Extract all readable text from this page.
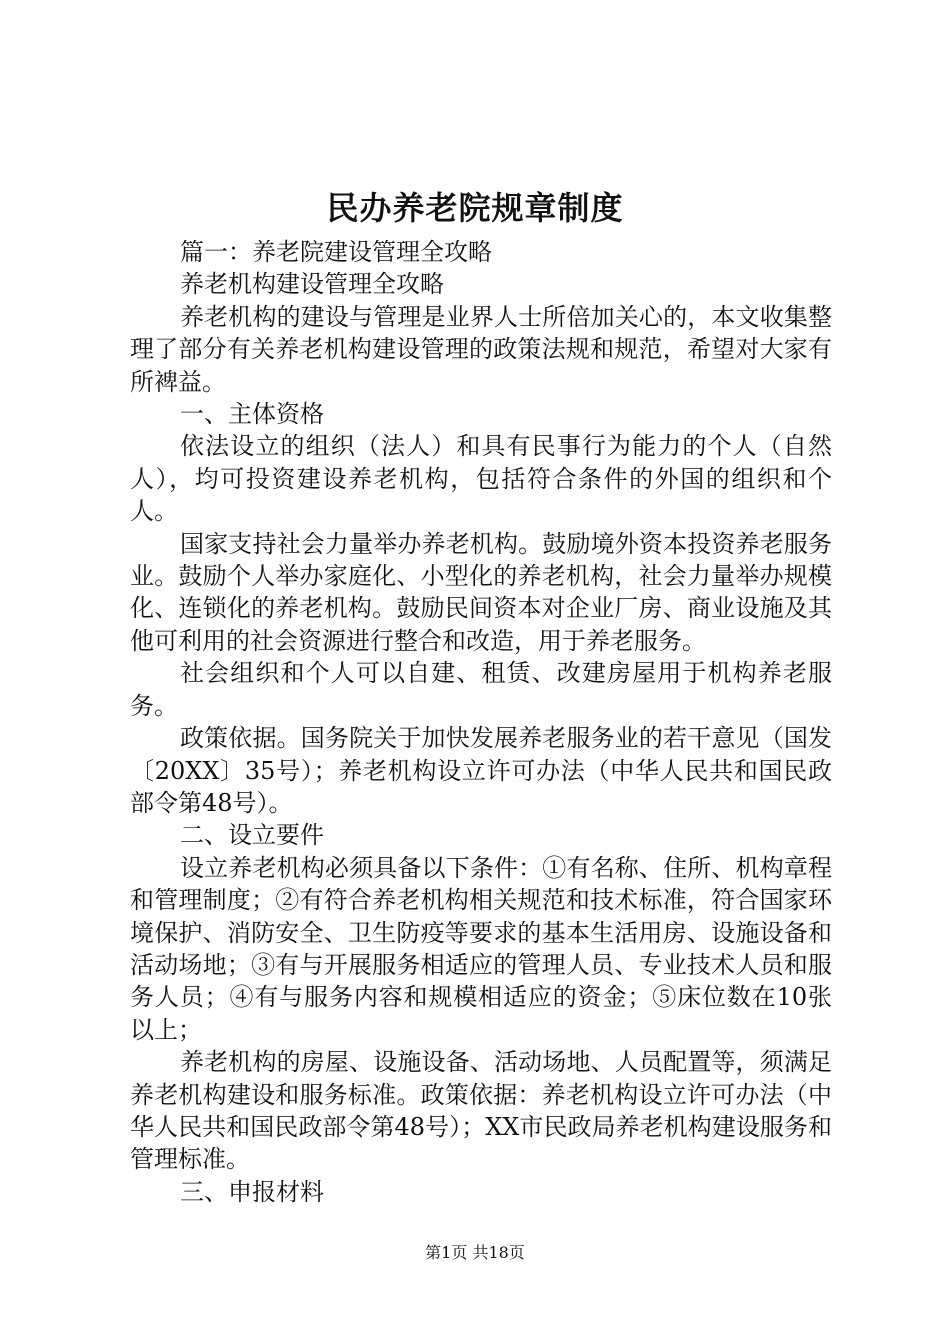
民办养老院规章制度

篇一：养老院建设管理全攻略

养老机构建设管理全攻略

养老机构的建设与管理是业界人士所倍加关心的，本文收集整理了部分有关养老机构建设管理的政策法规和规范，希望对大家有所裨益。

一、主体资格

依法设立的组织（法人）和具有民事行为能力的个人（自然人），均可投资建设养老机构，包括符合条件的外国的组织和个人。

国家支持社会力量举办养老机构。鼓励境外资本投资养老服务业。鼓励个人举办家庭化、小型化的养老机构，社会力量举办规模化、连锁化的养老机构。鼓励民间资本对企业厂房、商业设施及其他可利用的社会资源进行整合和改造，用于养老服务。

社会组织和个人可以自建、租赁、改建房屋用于机构养老服务。

政策依据。国务院关于加快发展养老服务业的若干意见（国发〔20XX〕35号）；养老机构设立许可办法（中华人民共和国民政部令第48号）。

二、设立要件

设立养老机构必须具备以下条件：①有名称、住所、机构章程和管理制度；②有符合养老机构相关规范和技术标准，符合国家环境保护、消防安全、卫生防疫等要求的基本生活用房、设施设备和活动场地；③有与开展服务相适应的管理人员、专业技术人员和服务人员；④有与服务内容和规模相适应的资金；⑤床位数在10张以上；

养老机构的房屋、设施设备、活动场地、人员配置等，须满足养老机构建设和服务标准。政策依据：养老机构设立许可办法（中华人民共和国民政部令第48号）；XX市民政局养老机构建设服务和管理标准。

三、申报材料

第1页 共18页
